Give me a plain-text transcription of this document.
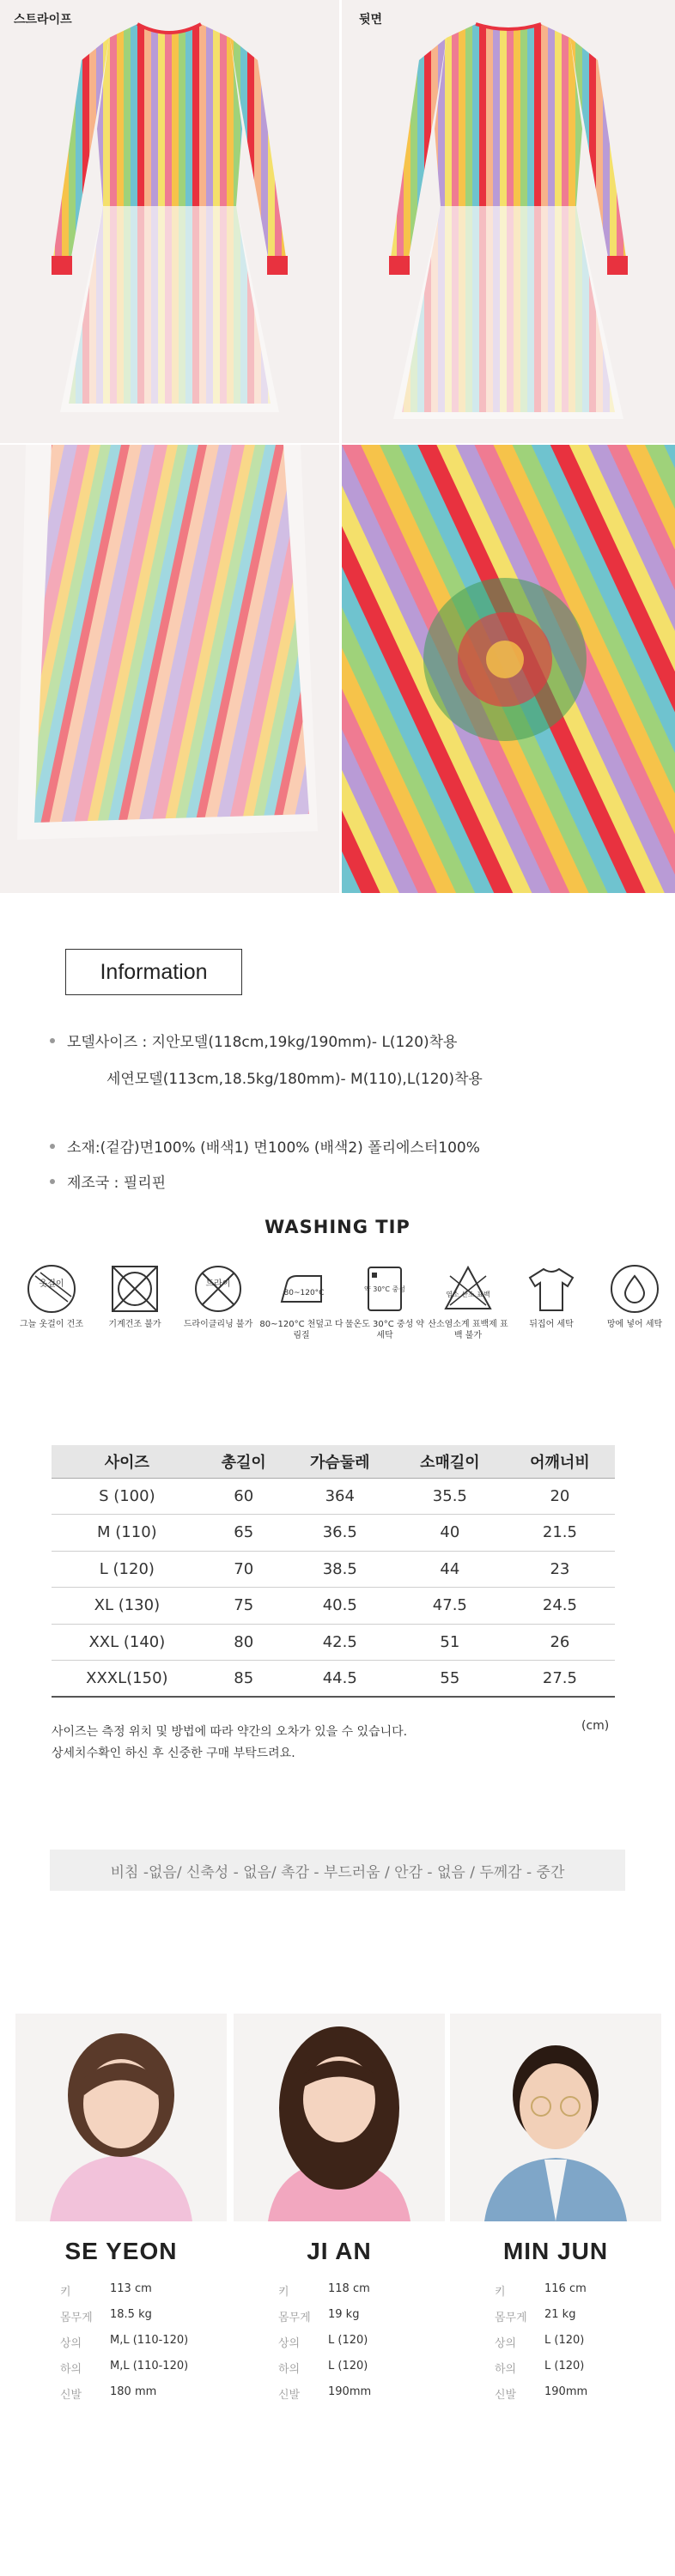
스트라이프	뒷면
Information
모델사이즈 : 지안모델(118cm,19kg/190mm)- L(120)착용
세연모델(113cm,18.5kg/180mm)- M(110),L(120)착용
소재:(겉감)면100% (배색1) 면100% (배색2) 폴리에스터100%
제조국 : 필리핀
WASHING TIP
옷걸이
그늘 옷걸이 건조	기계건조 불가
드라이
드라이클리닝 불가
80~120°C
80~120°C 천덮고 다림질
약 30°C 중성
물온도 30°C 중성 약세탁
염소 산소 표백
산소염소계 표백제 표백 불가
뒤집어 세탁	망에 넣어 세탁
사이즈	총길이	가슴둘레	소매길이	어깨너비
S (100)	60	364	35.5	20
M (110)	65	36.5	40	21.5
L (120)	70	38.5	44	23
XL (130)	75	40.5	47.5	24.5
XXL (140)	80	42.5	51	26
XXXL(150)	85	44.5	55	27.5
(cm)
사이즈는 측정 위치 및 방법에 따라 약간의 오차가 있을 수 있습니다.
상세치수확인 하신 후 신중한 구매 부탁드려요.
비침 -없음/ 신축성 - 없음/ 촉감 - 부드러움 / 안감 - 없음 / 두께감 - 중간
SE YEON
키	113 cm
몸무게 18.5 kg
상의	M,L (110-120)
하의	M,L (110-120)
신발	180 mm
JI AN
키	118 cm
몸무게 19 kg
상의	L (120)
하의	L (120)
신발	190mm
MIN JUN
키	116 cm
몸무게 21 kg
상의	L (120)
하의	L (120)
신발	190mm
